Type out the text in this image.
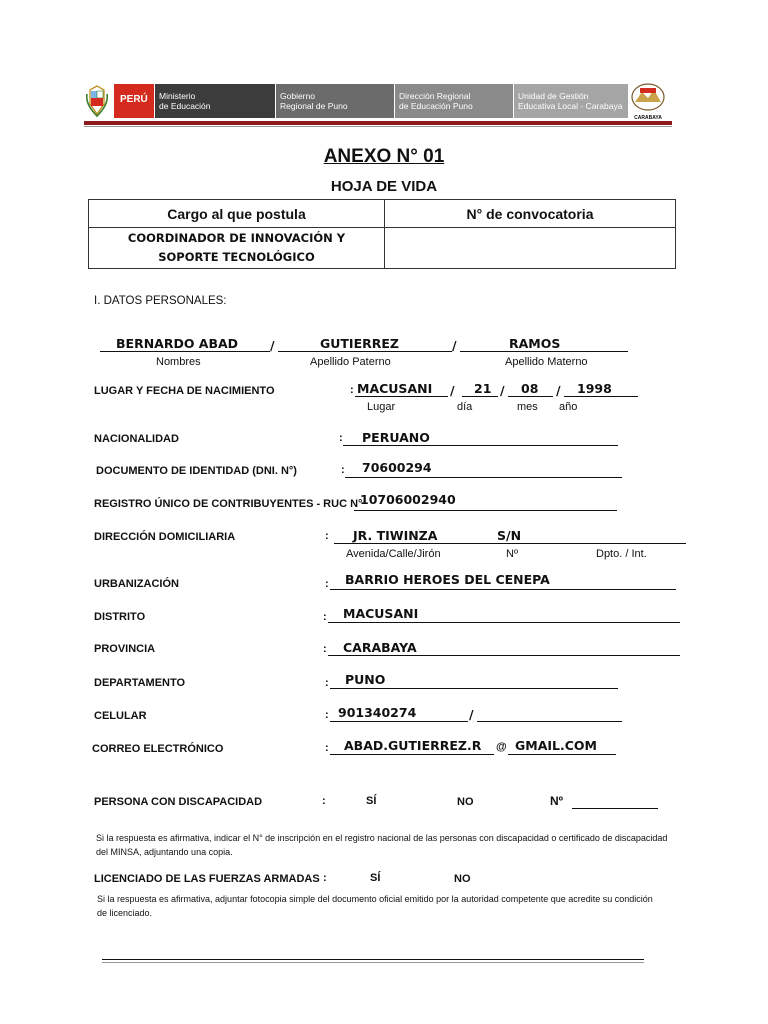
PERÚ	Ministerio
de Educación
Gobierno
Regional de Puno
Dirección Regional
de Educación Puno
Unidad de Gestión
Educativa Local - Carabaya
CARABAYA
ANEXO N° 01
HOJA DE VIDA
Cargo al que postula	N° de convocatoria

COORDINADOR DE INNOVACIÓN Y
SOPORTE TECNOLÓGICO	

I. DATOS PERSONALES:
BERNARDO ABAD	/	GUTIERREZ	/	RAMOS
Nombres	Apellido Paterno	Apellido Materno
LUGAR Y FECHA DE NACIMIENTO	: MACUSANI / 21 / 08 / 1998
Lugar	día	mes año
NACIONALIDAD	: PERUANO
DOCUMENTO DE IDENTIDAD (DNI. N°)	: 70600294
REGISTRO ÚNICO DE CONTRIBUYENTES - RUC N°
10706002940
DIRECCIÓN DOMICILIARIA	: JR. TIWINZA	S/N
Avenida/Calle/Jirón	Nº	Dpto. / Int.
URBANIZACIÓN	: BARRIO HEROES DEL CENEPA
DISTRITO	: MACUSANI
PROVINCIA	: CARABAYA
DEPARTAMENTO	: PUNO
CELULAR	: 901340274	/
CORREO ELECTRÓNICO	: ABAD.GUTIERREZ.R @ GMAIL.COM
PERSONA CON DISCAPACIDAD	:	SÍ	NO	Nº
Si la respuesta es afirmativa, indicar el N° de inscripción en el registro nacional de las personas con discapacidad o certificado de discapacidad
del MINSA, adjuntando una copia.
LICENCIADO DE LAS FUERZAS ARMADAS :	SÍ	NO
Si la respuesta es afirmativa, adjuntar fotocopia simple del documento oficial emitido por la autoridad competente que acredite su condición
de licenciado.
